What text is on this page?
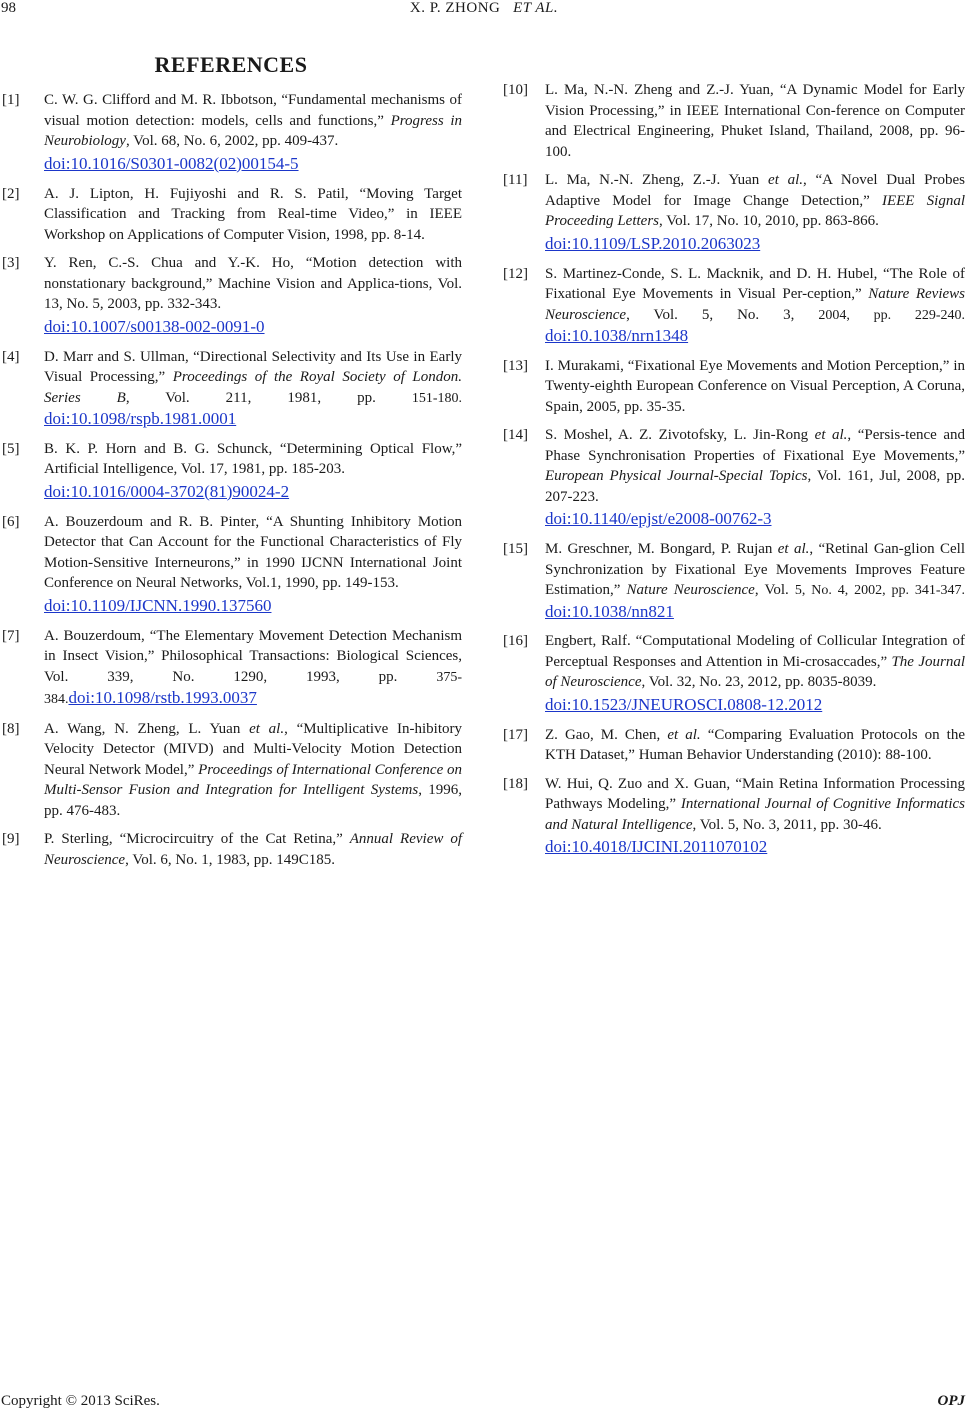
98	X. P. ZHONG ET AL.
REFERENCES
[1]	C. W. G. Clifford and M. R. Ibbotson, “Fundamental mechanisms of visual motion detection: models, cells and functions,” Progress in Neurobiology, Vol. 68, No. 6, 2002, pp. 409-437.
doi:10.1016/S0301-0082(02)00154-5
[2]	A. J. Lipton, H. Fujiyoshi and R. S. Patil, “Moving Target Classification and Tracking from Real-time Video,” in IEEE Workshop on Applications of Computer Vision, 1998, pp. 8-14.
[3]	Y. Ren, C.-S. Chua and Y.-K. Ho, “Motion detection with nonstationary background,” Machine Vision and Applica-tions, Vol. 13, No. 5, 2003, pp. 332-343.
doi:10.1007/s00138-002-0091-0
[4]	D. Marr and S. Ullman, “Directional Selectivity and Its Use in Early Visual Processing,” Proceedings of the Royal Society of London. Series B, Vol. 211, 1981, pp. 151-180. doi:10.1098/rspb.1981.0001
[5]	B. K. P. Horn and B. G. Schunck, “Determining Optical Flow,” Artificial Intelligence, Vol. 17, 1981, pp. 185-203.
doi:10.1016/0004-3702(81)90024-2
[6]	A. Bouzerdoum and R. B. Pinter, “A Shunting Inhibitory Motion Detector that Can Account for the Functional Characteristics of Fly Motion-Sensitive Interneurons,” in 1990 IJCNN International Joint Conference on Neural Networks, Vol.1, 1990, pp. 149-153.
doi:10.1109/IJCNN.1990.137560
[7]	A. Bouzerdoum, “The Elementary Movement Detection Mechanism in Insect Vision,” Philosophical Transactions: Biological Sciences, Vol. 339, No. 1290, 1993, pp. 375-384.doi:10.1098/rstb.1993.0037
[8]	A. Wang, N. Zheng, L. Yuan et al., “Multiplicative In-hibitory Velocity Detector (MIVD) and Multi-Velocity Motion Detection Neural Network Model,” Proceedings of International Conference on Multi-Sensor Fusion and Integration for Intelligent Systems, 1996, pp. 476-483.
[9]	P. Sterling, “Microcircuitry of the Cat Retina,” Annual Review of Neuroscience, Vol. 6, No. 1, 1983, pp. 149C185.
[10]	L. Ma, N.-N. Zheng and Z.-J. Yuan, “A Dynamic Model for Early Vision Processing,” in IEEE International Con-ference on Computer and Electrical Engineering, Phuket Island, Thailand, 2008, pp. 96-100.
[11]	L. Ma, N.-N. Zheng, Z.-J. Yuan et al., “A Novel Dual Probes Adaptive Model for Image Change Detection,” IEEE Signal Proceeding Letters, Vol. 17, No. 10, 2010, pp. 863-866.
doi:10.1109/LSP.2010.2063023
[12]	S. Martinez-Conde, S. L. Macknik, and D. H. Hubel, “The Role of Fixational Eye Movements in Visual Per-ception,” Nature Reviews Neuroscience, Vol. 5, No. 3, 2004, pp. 229-240. doi:10.1038/nrn1348
[13]	I. Murakami, “Fixational Eye Movements and Motion Perception,” in Twenty-eighth European Conference on Visual Perception, A Coruna, Spain, 2005, pp. 35-35.
[14]	S. Moshel, A. Z. Zivotofsky, L. Jin-Rong et al., “Persis-tence and Phase Synchronisation Properties of Fixational Eye Movements,” European Physical Journal-Special Topics, Vol. 161, Jul, 2008, pp. 207-223.
doi:10.1140/epjst/e2008-00762-3
[15]	M. Greschner, M. Bongard, P. Rujan et al., “Retinal Gan-glion Cell Synchronization by Fixational Eye Movements Improves Feature Estimation,” Nature Neuroscience, Vol. 5, No. 4, 2002, pp. 341-347. doi:10.1038/nn821
[16]	Engbert, Ralf. “Computational Modeling of Collicular Integration of Perceptual Responses and Attention in Mi-crosaccades,” The Journal of Neuroscience, Vol. 32, No. 23, 2012, pp. 8035-8039.
doi:10.1523/JNEUROSCI.0808-12.2012
[17]	Z. Gao, M. Chen, et al. “Comparing Evaluation Protocols on the KTH Dataset,” Human Behavior Understanding (2010): 88-100.
[18]	W. Hui, Q. Zuo and X. Guan, “Main Retina Information Processing Pathways Modeling,” International Journal of Cognitive Informatics and Natural Intelligence, Vol. 5, No. 3, 2011, pp. 30-46.
doi:10.4018/IJCINI.2011070102
Copyright © 2013 SciRes.	OPJ
